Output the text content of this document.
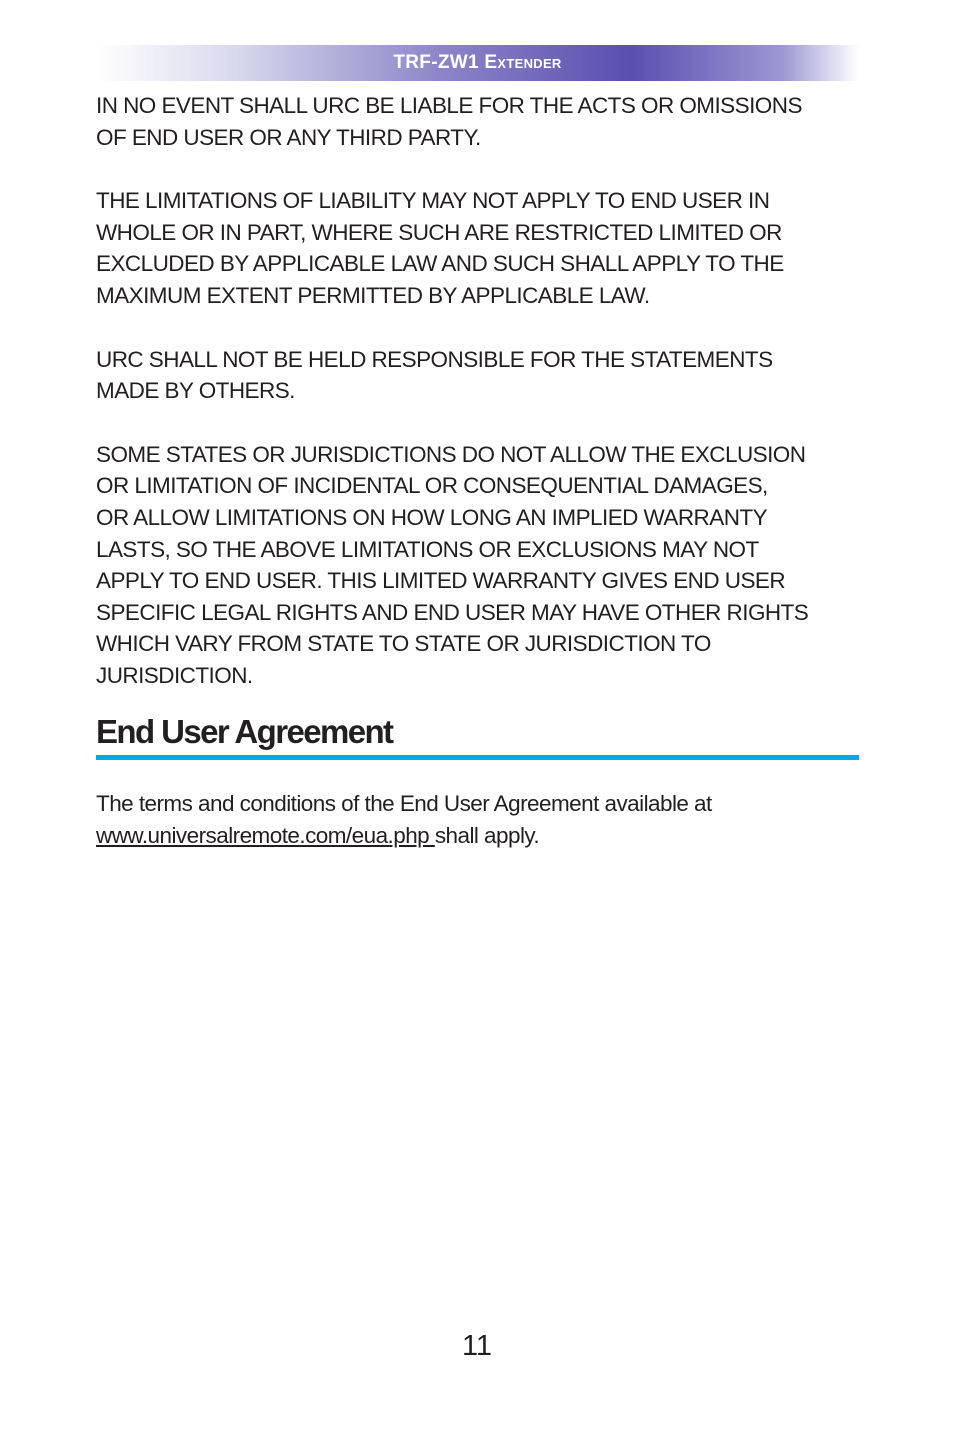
TRF-ZW1 Extender

IN NO EVENT SHALL URC BE LIABLE FOR THE ACTS OR OMISSIONS
OF END USER OR ANY THIRD PARTY.

THE LIMITATIONS OF LIABILITY MAY NOT APPLY TO END USER IN
WHOLE OR IN PART, WHERE SUCH ARE RESTRICTED LIMITED OR
EXCLUDED BY APPLICABLE LAW AND SUCH SHALL APPLY TO THE
MAXIMUM EXTENT PERMITTED BY APPLICABLE LAW.

URC SHALL NOT BE HELD RESPONSIBLE FOR THE STATEMENTS
MADE BY OTHERS.

SOME STATES OR JURISDICTIONS DO NOT ALLOW THE EXCLUSION
OR LIMITATION OF INCIDENTAL OR CONSEQUENTIAL DAMAGES,
OR ALLOW LIMITATIONS ON HOW LONG AN IMPLIED WARRANTY
LASTS, SO THE ABOVE LIMITATIONS OR EXCLUSIONS MAY NOT
APPLY TO END USER. THIS LIMITED WARRANTY GIVES END USER
SPECIFIC LEGAL RIGHTS AND END USER MAY HAVE OTHER RIGHTS
WHICH VARY FROM STATE TO STATE OR JURISDICTION TO
JURISDICTION.

End User Agreement
The terms and conditions of the End User Agreement available at
www.universalremote.com/eua.php shall apply.
11
